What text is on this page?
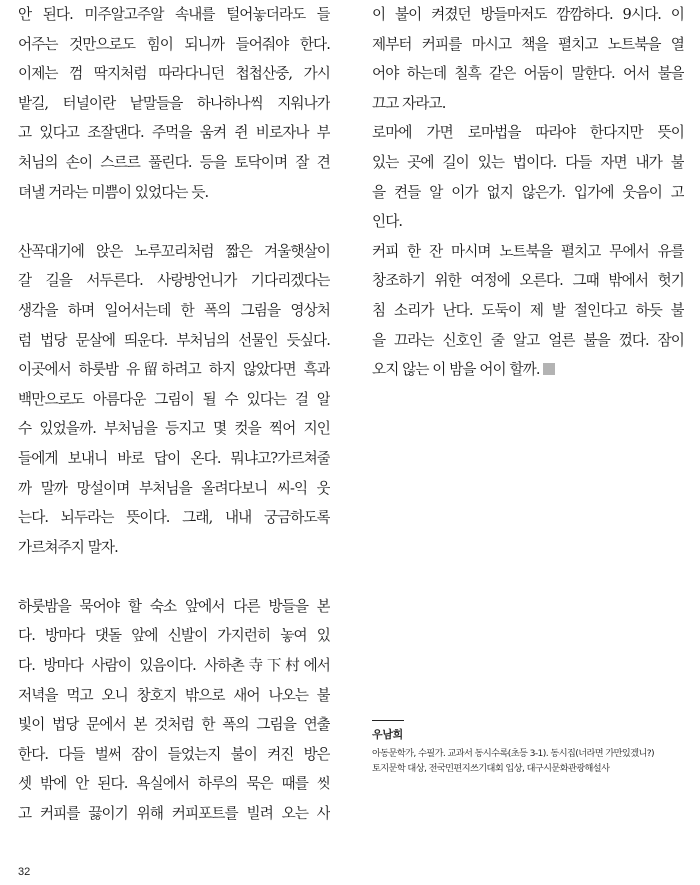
안 된다. 미주알고주알 속내를 털어놓더라도 들
어주는 것만으로도 힘이 되니까 들어줘야 한다.
이제는 껌 딱지처럼 따라다니던 첩첩산중, 가시
밭길, 터널이란 낱말들을 하나하나씩 지워나가
고 있다고 조잘댄다. 주먹을 움켜 쥔 비로자나 부
처님의 손이 스르르 풀린다. 등을 토닥이며 잘 견
뎌낼 거라는 미쁨이 있었다는 듯.
산꼭대기에 앉은 노루꼬리처럼 짧은 겨울햇살이
갈 길을 서두른다. 사랑방언니가 기다리겠다는
생각을 하며 일어서는데 한 폭의 그림을 영상처
럼 법당 문살에 띄운다. 부처님의 선물인 듯싶다.
이곳에서 하룻밤 유留하려고 하지 않았다면 흑과
백만으로도 아름다운 그림이 될 수 있다는 걸 알
수 있었을까. 부처님을 등지고 몇 컷을 찍어 지인
들에게 보내니 바로 답이 온다. 뭐냐고?가르쳐줄
까 말까 망설이며 부처님을 올려다보니 씨-익 웃
는다. 뇌두라는 뜻이다. 그래, 내내 궁금하도록
가르쳐주지 말자.
하룻밤을 묵어야 할 숙소 앞에서 다른 방들을 본
다. 방마다 댓돌 앞에 신발이 가지런히 놓여 있
다. 방마다 사람이 있음이다. 사하촌寺下村에서
저녁을 먹고 오니 창호지 밖으로 새어 나오는 불
빛이 법당 문에서 본 것처럼 한 폭의 그림을 연출
한다. 다들 벌써 잠이 들었는지 불이 켜진 방은
셋 밖에 안 된다. 욕실에서 하루의 묵은 때를 씻
고 커피를 끓이기 위해 커피포트를 빌려 오는 사
이 불이 켜졌던 방들마저도 깜깜하다. 9시다. 이
제부터 커피를 마시고 책을 펼치고 노트북을 열
어야 하는데 칠흑 같은 어둠이 말한다. 어서 불을
끄고 자라고.
로마에 가면 로마법을 따라야 한다지만 뜻이
있는 곳에 길이 있는 법이다. 다들 자면 내가 불
을 켠들 알 이가 없지 않은가. 입가에 웃음이 고
인다.
커피 한 잔 마시며 노트북을 펼치고 무에서 유를
창조하기 위한 여정에 오른다. 그때 밖에서 헛기
침 소리가 난다. 도둑이 제 발 절인다고 하듯 불
을 끄라는 신호인 줄 알고 얼른 불을 껐다. 잠이
오지 않는 이 밤을 어이 할까.
우남희
아동문학가, 수필가. 교과서 동시수록(초등 3-1). 동시집(너라면 가만있겠니?)
토지문학 대상, 전국민편지쓰기대회 입상, 대구시문화관광해설사
32
